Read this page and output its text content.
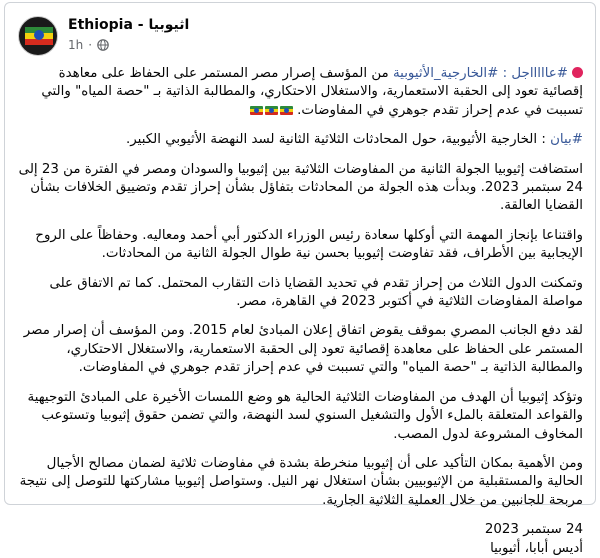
Ethiopia - اثيوبيا
1h ·

#عاااااجل : #الخارجية_الأثيوبية من المؤسف إصرار مصر المستمر على الحفاظ على معاهدة إقصائية تعود إلى الحقبة الاستعمارية، والاستغلال الاحتكاري، والمطالبة الذاتية بـ "حصة المياه" والتي تسببت في عدم إحراز تقدم جوهري في المفاوضات.

#بيان : الخارجية الأثيوبية، حول المحادثات الثلاثية الثانية لسد النهضة الأثيوبي الكبير.

استضافت إثيوبيا الجولة الثانية من المفاوضات الثلاثية بين إثيوبيا والسودان ومصر في الفترة من 23 إلى 24 سبتمبر 2023. وبدأت هذه الجولة من المحادثات بتفاؤل بشأن إحراز تقدم وتضييق الخلافات بشأن القضايا العالقة.

واقتناعا بإنجاز المهمة التي أوكلها سعادة رئيس الوزراء الدكتور أبي أحمد ومعاليه. وحفاظاً على الروح الإيجابية بين الأطراف، فقد تفاوضت إثيوبيا بحسن نية طوال الجولة الثانية من المحادثات.

وتمكنت الدول الثلاث من إحراز تقدم في تحديد القضايا ذات التقارب المحتمل. كما تم الاتفاق على مواصلة المفاوضات الثلاثية في أكتوبر 2023 في القاهرة، مصر.

لقد دفع الجانب المصري بموقف يقوض اتفاق إعلان المبادئ لعام 2015. ومن المؤسف أن إصرار مصر المستمر على الحفاظ على معاهدة إقصائية تعود إلى الحقبة الاستعمارية، والاستغلال الاحتكاري، والمطالبة الذاتية بـ "حصة المياه" والتي تسببت في عدم إحراز تقدم جوهري في المفاوضات.

وتؤكد إثيوبيا أن الهدف من المفاوضات الثلاثية الحالية هو وضع اللمسات الأخيرة على المبادئ التوجيهية والقواعد المتعلقة بالملء الأول والتشغيل السنوي لسد النهضة، والتي تضمن حقوق إثيوبيا وتستوعب المخاوف المشروعة لدول المصب.

ومن الأهمية بمكان التأكيد على أن إثيوبيا منخرطة بشدة في مفاوضات ثلاثية لضمان مصالح الأجيال الحالية والمستقبلية من الإثيوبيين بشأن استغلال نهر النيل. وستواصل إثيوبيا مشاركتها للتوصل إلى نتيجة مربحة للجانبين من خلال العملية الثلاثية الجارية.

24 سبتمبر 2023

أديس أبابا، أثيوبيا
